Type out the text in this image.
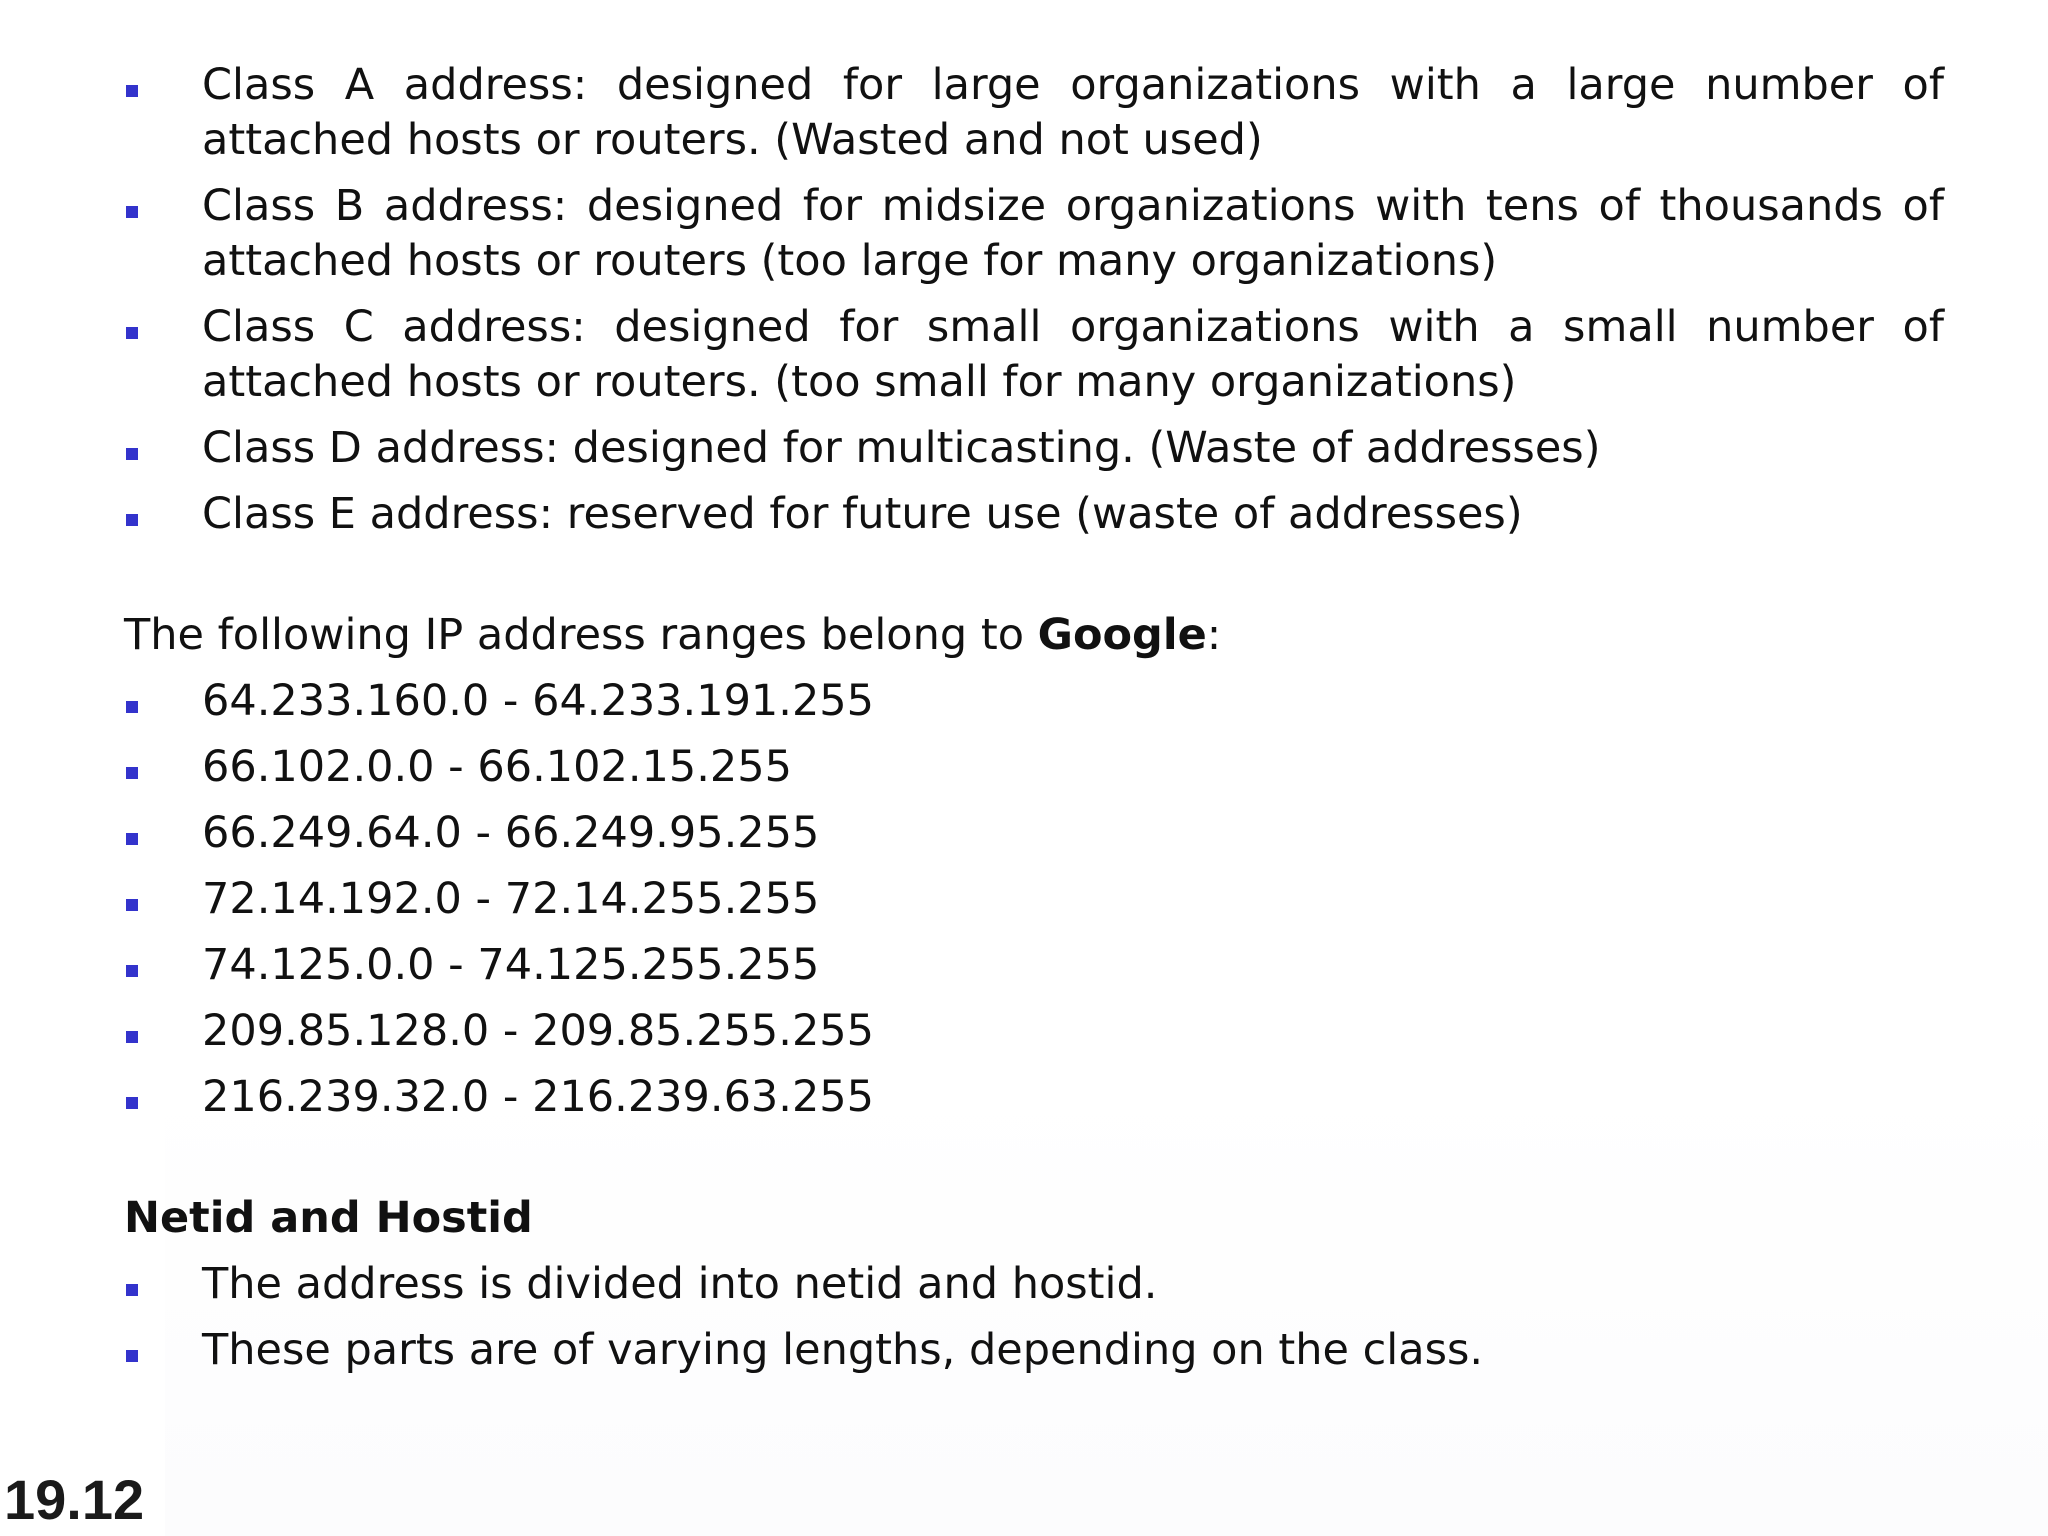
Class A address: designed for large organizations with a large number of attached hosts or routers. (Wasted and not used)
Class B address: designed for midsize organizations with tens of thousands of attached hosts or routers (too large for many organizations)
Class C address: designed for small organizations with a small number of attached hosts or routers. (too small for many organizations)
Class D address: designed for multicasting. (Waste of addresses)
Class E address: reserved for future use (waste of addresses)

The following IP address ranges belong to Google:

64.233.160.0 - 64.233.191.255
66.102.0.0 - 66.102.15.255
66.249.64.0 - 66.249.95.255
72.14.192.0 - 72.14.255.255
74.125.0.0 - 74.125.255.255
209.85.128.0 - 209.85.255.255
216.239.32.0 - 216.239.63.255

Netid and Hostid

The address is divided into netid and hostid.
These parts are of varying lengths, depending on the class.
19.12
